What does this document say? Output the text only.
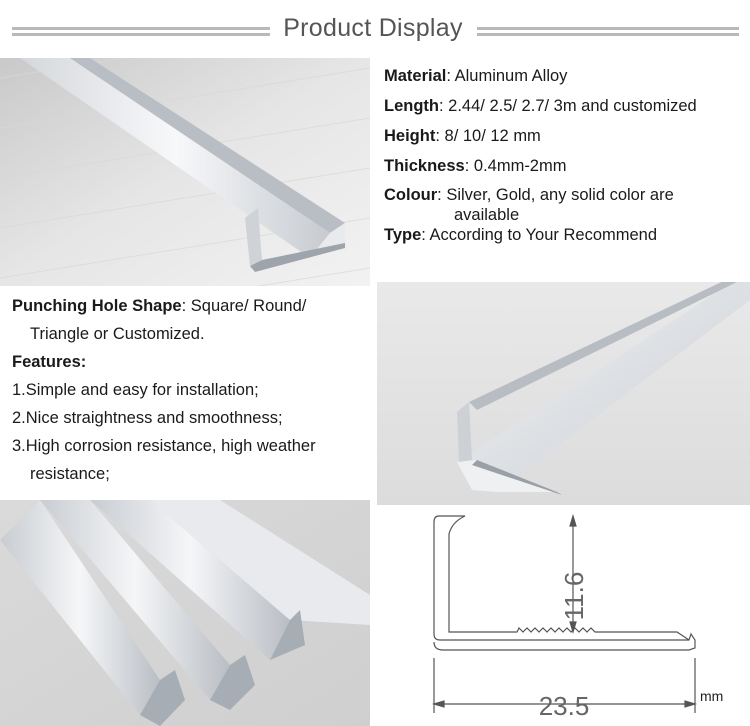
Product Display
Material: Aluminum Alloy
Length: 2.44/ 2.5/ 2.7/ 3m and customized
Height: 8/ 10/ 12 mm
Thickness: 0.4mm-2mm
Colour: Silver, Gold, any solid color are
available
Type: According to Your Recommend
Punching Hole Shape: Square/ Round/
Triangle or Customized.
Features:
1.Simple and easy for installation;
2.Nice straightness and smoothness;
3.High corrosion resistance, high weather
resistance;
11.6
23.5	mm
